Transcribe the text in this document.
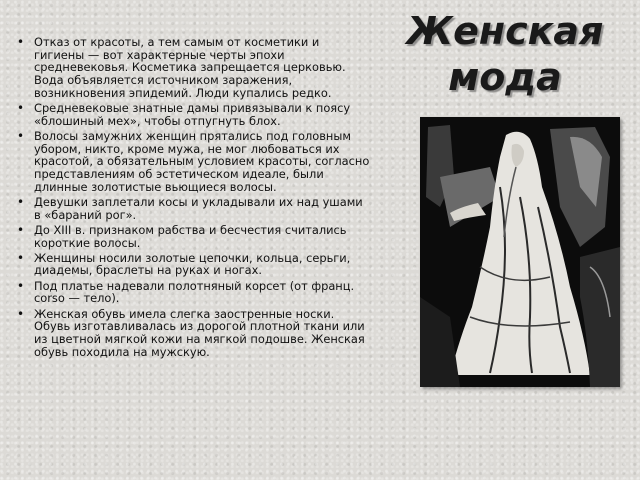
Женская
мода
• Отказ от красоты, а тем самым от косметики и гигиены — вот характерные черты эпохи средневековья. Косметика запрещается церковью. Вода объявляется источником заражения, возникновения эпидемий. Люди купались редко.
• Средневековые знатные дамы привязывали к поясу «блошиный мех», чтобы отпугнуть блох.
• Волосы замужних женщин прятались под головным убором, никто, кроме мужа, не мог любоваться их красотой, а обязательным условием красоты, согласно представлениям об эстетическом идеале, были длинные золотистые вьющиеся волосы.
• Девушки заплетали косы и укладывали их над ушами в «бараний рог».
• До XIII в. признаком рабства и бесчестия считались короткие волосы.
• Женщины носили золотые цепочки, кольца, серьги, диадемы, браслеты на руках и ногах.
• Под платье надевали полотняный корсет (от франц. corso — тело).
• Женская обувь имела слегка заостренные носки. Обувь изготавливалась из дорогой плотной ткани или из цветной мягкой кожи на мягкой подошве. Женская обувь походила на мужскую.
